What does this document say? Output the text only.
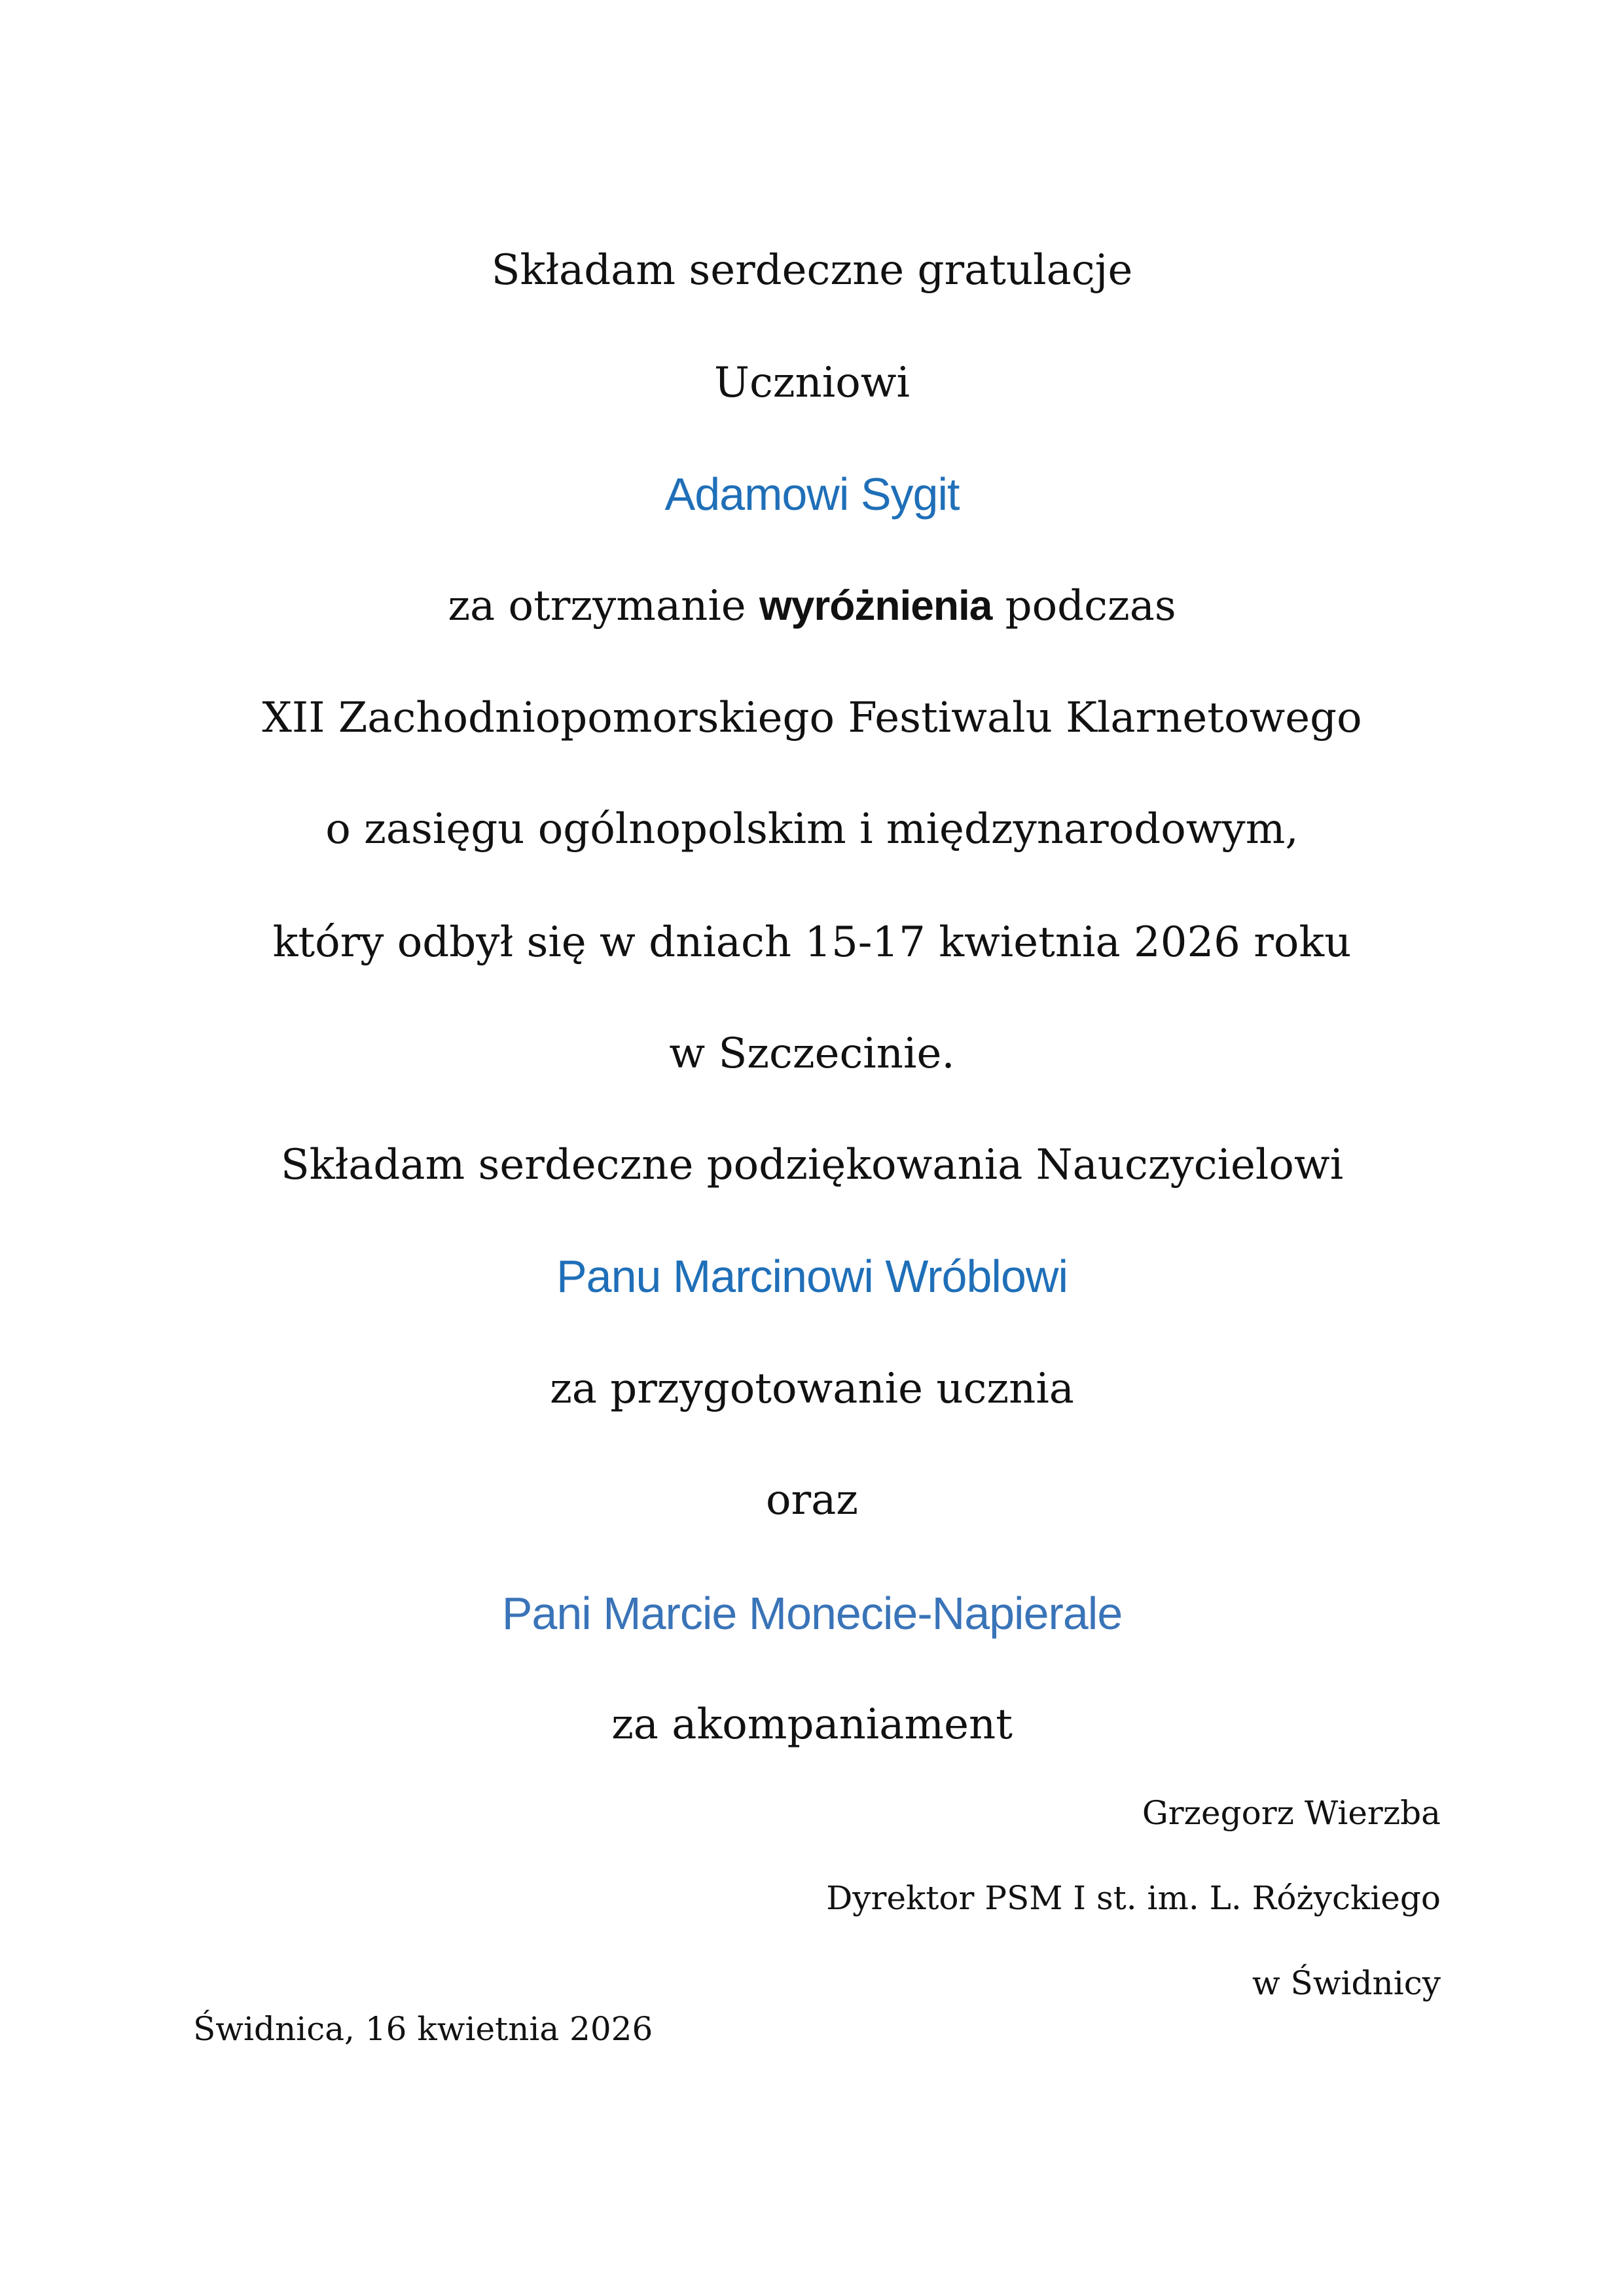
Składam serdeczne gratulacje
Uczniowi
Adamowi Sygit
za otrzymanie wyróżnienia podczas
XII Zachodniopomorskiego Festiwalu Klarnetowego
o zasięgu ogólnopolskim i międzynarodowym,
który odbył się w dniach 15-17 kwietnia 2026 roku
w Szczecinie.
Składam serdeczne podziękowania Nauczycielowi
Panu Marcinowi Wróblowi
za przygotowanie ucznia
oraz
Pani Marcie Monecie-Napierale
za akompaniament
Grzegorz Wierzba
Dyrektor PSM I st. im. L. Różyckiego
w Świdnicy
Świdnica, 16 kwietnia 2026
